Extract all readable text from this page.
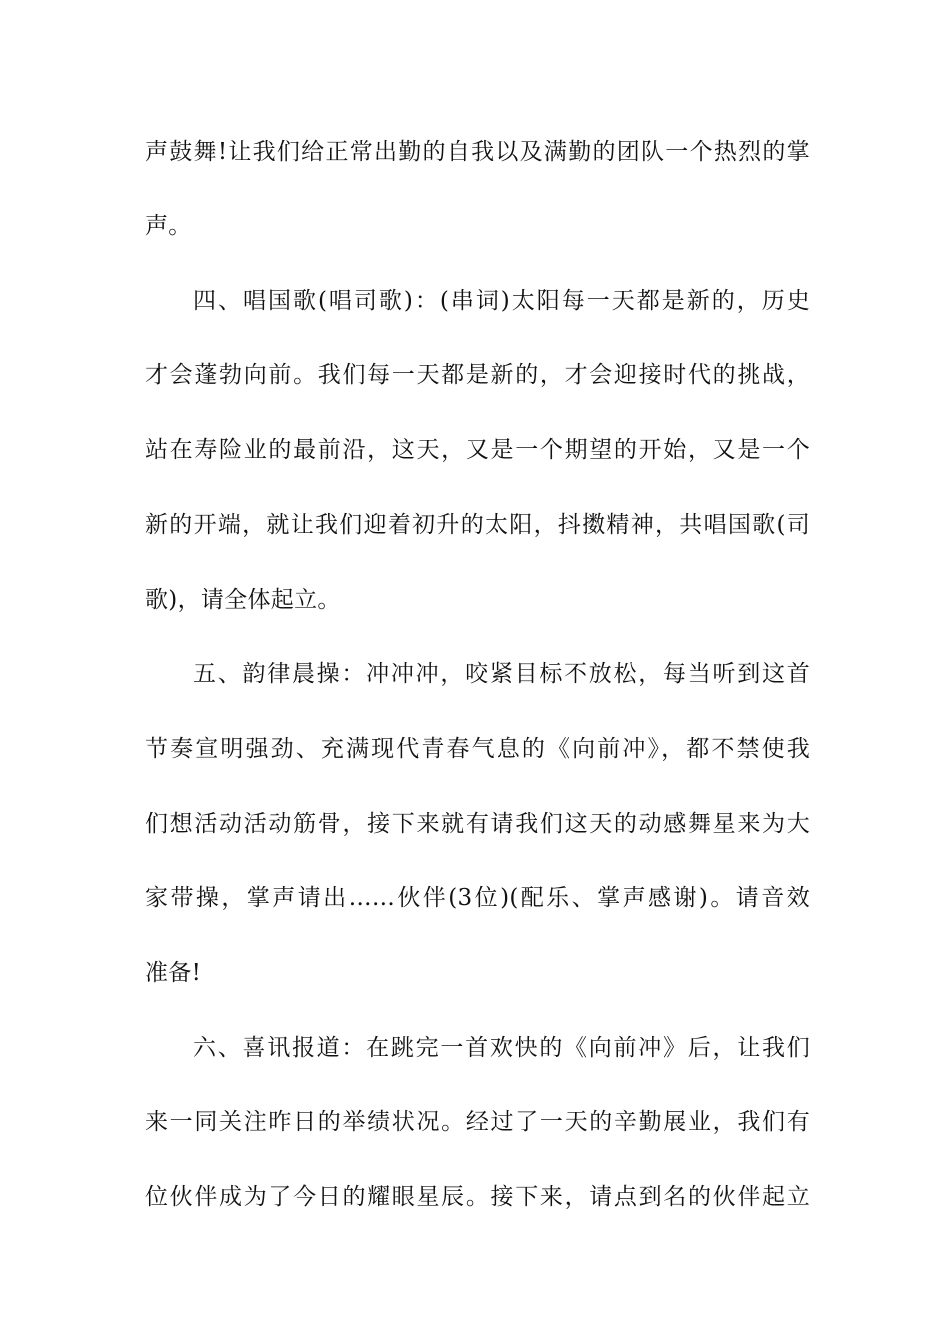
声鼓舞!让我们给正常出勤的自我以及满勤的团队一个热烈的掌
声。
四、唱国歌(唱司歌)：(串词)太阳每一天都是新的，历史
才会蓬勃向前。我们每一天都是新的，才会迎接时代的挑战，
站在寿险业的最前沿，这天，又是一个期望的开始，又是一个
新的开端，就让我们迎着初升的太阳，抖擞精神，共唱国歌(司
歌)，请全体起立。
五、韵律晨操：冲冲冲，咬紧目标不放松，每当听到这首
节奏宣明强劲、充满现代青春气息的《向前冲》，都不禁使我
们想活动活动筋骨，接下来就有请我们这天的动感舞星来为大
家带操，掌声请出……伙伴(3位)(配乐、掌声感谢)。请音效
准备!
六、喜讯报道：在跳完一首欢快的《向前冲》后，让我们
来一同关注昨日的举绩状况。经过了一天的辛勤展业，我们有
位伙伴成为了今日的耀眼星辰。接下来，请点到名的伙伴起立
